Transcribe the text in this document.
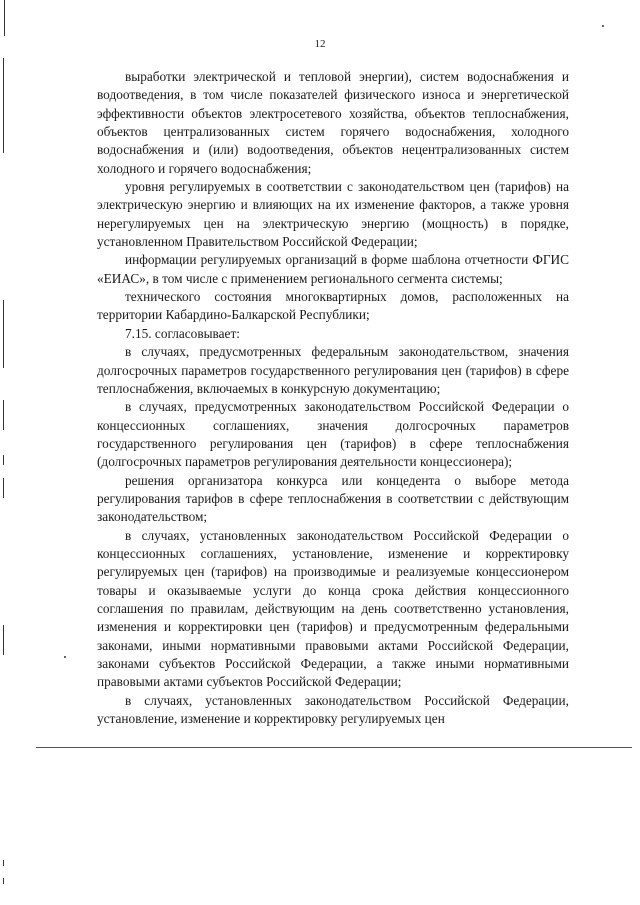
12

выработки электрической и тепловой энергии), систем водоснабжения и водоотведения, в том числе показателей физического износа и энергетической эффективности объектов электросетевого хозяйства, объектов теплоснабжения, объектов централизованных систем горячего водоснабжения, холодного водоснабжения и (или) водоотведения, объектов нецентрализованных систем холодного и горячего водоснабжения;

уровня регулируемых в соответствии с законодательством цен (тарифов) на электрическую энергию и влияющих на их изменение факторов, а также уровня нерегулируемых цен на электрическую энергию (мощность) в порядке, установленном Правительством Российской Федерации;

информации регулируемых организаций в форме шаблона отчетности ФГИС «ЕИАС», в том числе с применением регионального сегмента системы;

технического состояния многоквартирных домов, расположенных на территории Кабардино-Балкарской Республики;

7.15. согласовывает:

в случаях, предусмотренных федеральным законодательством, значения долгосрочных параметров государственного регулирования цен (тарифов) в сфере теплоснабжения, включаемых в конкурсную документацию;

в случаях, предусмотренных законодательством Российской Федерации о концессионных соглашениях, значения долгосрочных параметров государственного регулирования цен (тарифов) в сфере теплоснабжения (долгосрочных параметров регулирования деятельности концессионера);

решения организатора конкурса или концедента о выборе метода регулирования тарифов в сфере теплоснабжения в соответствии с действующим законодательством;

в случаях, установленных законодательством Российской Федерации о концессионных соглашениях, установление, изменение и корректировку регулируемых цен (тарифов) на производимые и реализуемые концессионером товары и оказываемые услуги до конца срока действия концессионного соглашения по правилам, действующим на день соответственно установления, изменения и корректировки цен (тарифов) и предусмотренным федеральными законами, иными нормативными правовыми актами Российской Федерации, законами субъектов Российской Федерации, а также иными нормативными правовыми актами субъектов Российской Федерации;

в случаях, установленных законодательством Российской Федерации, установление, изменение и корректировку регулируемых цен
